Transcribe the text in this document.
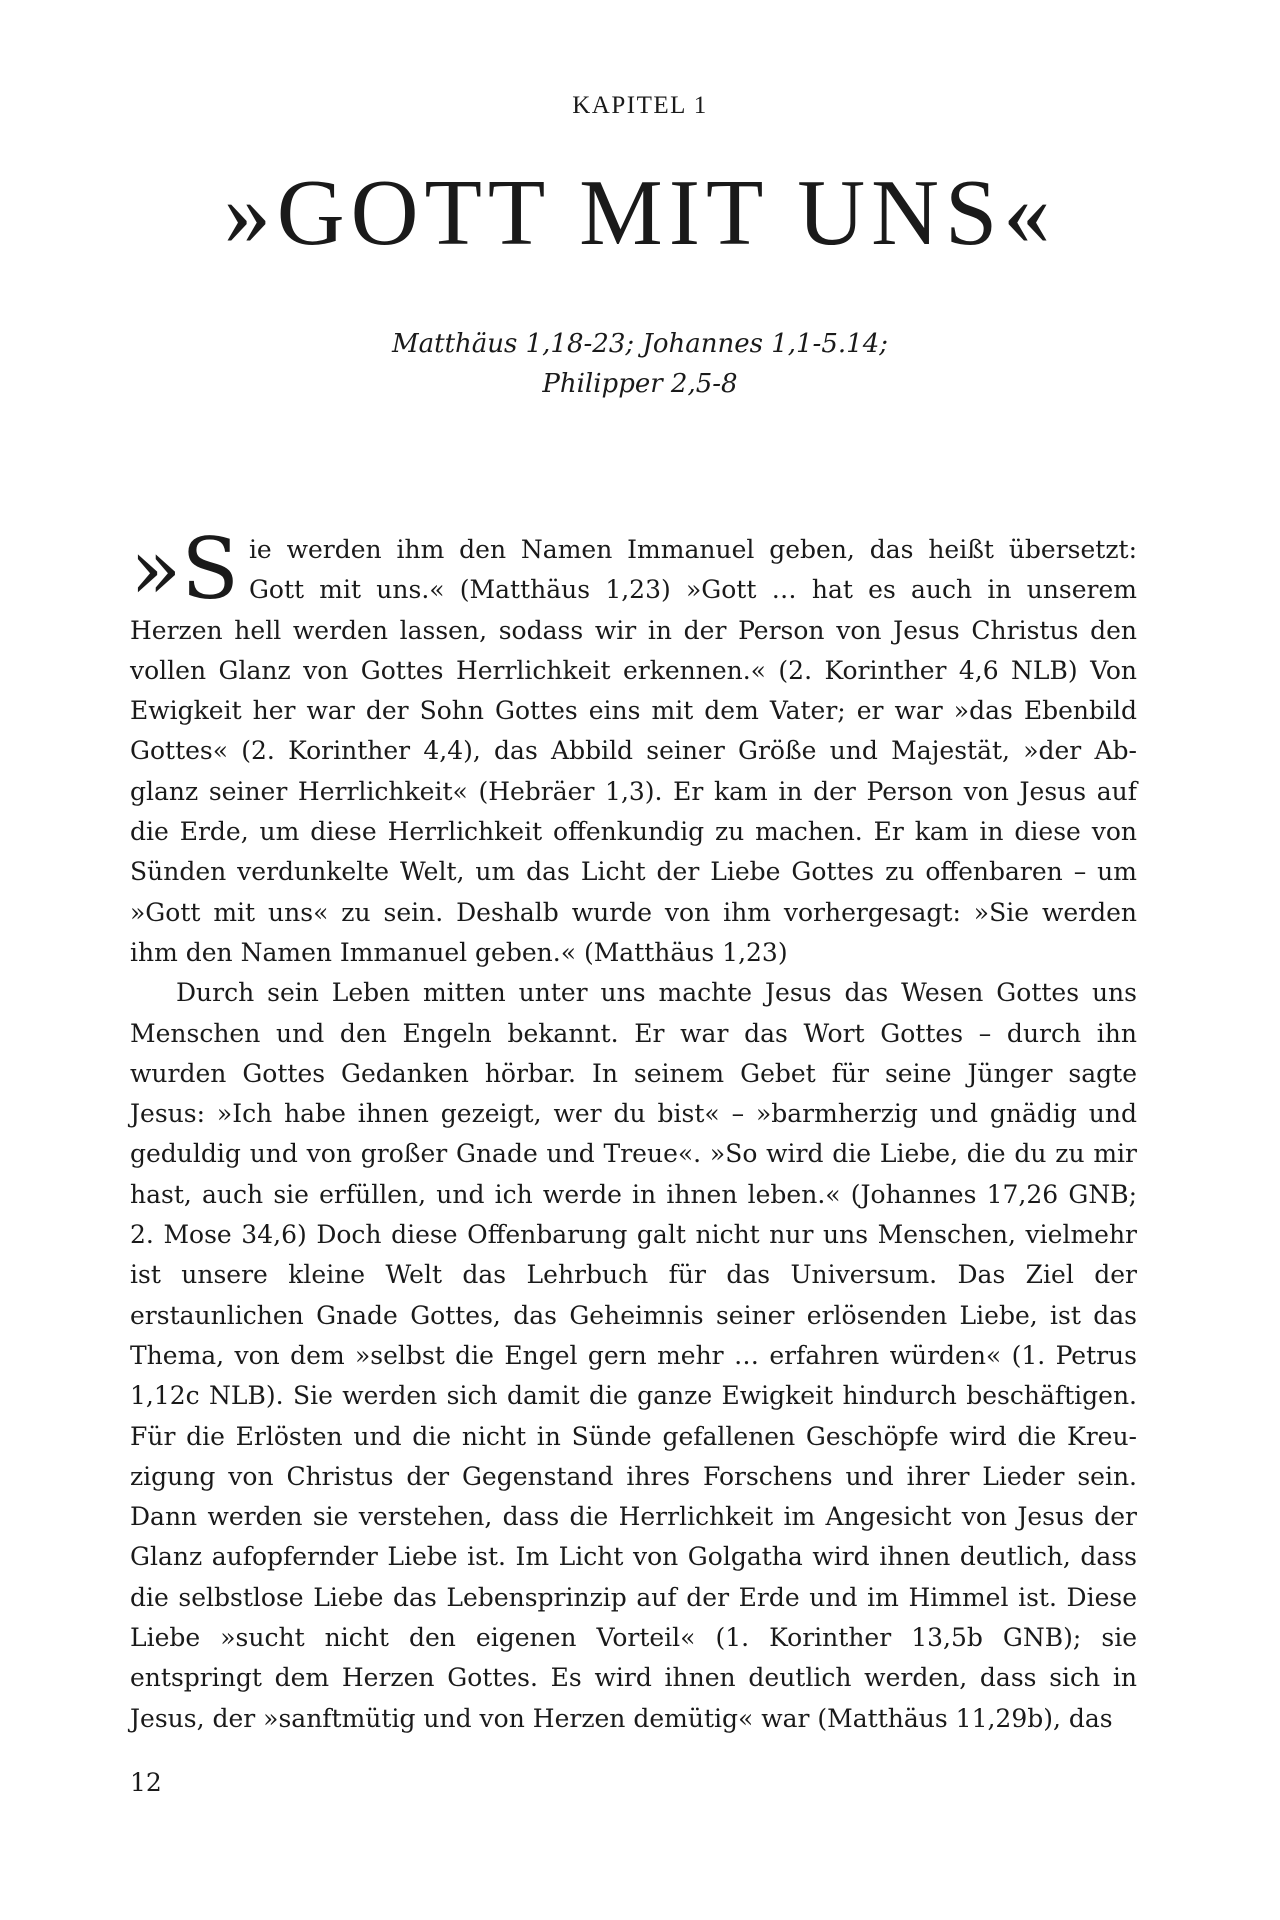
KAPITEL 1
»GOTT MIT UNS«
Matthäus 1,18-23; Johannes 1,1-5.14;
Philipper 2,5-8

»S ie werden ihm den Namen Immanuel geben, das heißt übersetzt: Gott mit uns.« (Matthäus 1,23) »Gott … hat es auch in unserem Herzen hell werden lassen, sodass wir in der Person von Jesus Christus den vollen Glanz von Gottes Herrlichkeit erkennen.« (2. Korinther 4,6 NLB) Von Ewigkeit her war der Sohn Gottes eins mit dem Vater; er war »das Ebenbild Gottes« (2. Korinther 4,4), das Abbild seiner Größe und Majestät, »der Abglanz seiner Herrlichkeit« (Hebräer 1,3). Er kam in der Person von Jesus auf die Erde, um diese Herrlichkeit offenkundig zu machen. Er kam in diese von Sünden verdunkelte Welt, um das Licht der Liebe Gottes zu offenbaren – um »Gott mit uns« zu sein. Deshalb wurde von ihm vorhergesagt: »Sie werden ihm den Namen Immanuel geben.« (Matthäus 1,23)

Durch sein Leben mitten unter uns machte Jesus das Wesen Gottes uns Menschen und den Engeln bekannt. Er war das Wort Gottes – durch ihn wurden Gottes Gedanken hörbar. In seinem Gebet für seine Jünger sagte Jesus: »Ich habe ihnen gezeigt, wer du bist« – »barmherzig und gnädig und geduldig und von großer Gnade und Treue«. »So wird die Liebe, die du zu mir hast, auch sie erfüllen, und ich werde in ihnen leben.« (Johannes 17,26 GNB; 2. Mose 34,6) Doch diese Offenbarung galt nicht nur uns Menschen, vielmehr ist unsere kleine Welt das Lehrbuch für das Universum. Das Ziel der erstaunlichen Gnade Gottes, das Geheimnis seiner erlösenden Liebe, ist das Thema, von dem »selbst die Engel gern mehr … erfahren würden« (1. Petrus 1,12c NLB). Sie werden sich damit die ganze Ewigkeit hindurch beschäftigen. Für die Erlösten und die nicht in Sünde gefallenen Geschöpfe wird die Kreuzigung von Christus der Gegenstand ihres Forschens und ihrer Lieder sein. Dann werden sie verstehen, dass die Herrlichkeit im Angesicht von Jesus der Glanz aufopfernder Liebe ist. Im Licht von Golgatha wird ihnen deutlich, dass die selbstlose Liebe das Lebensprinzip auf der Erde und im Himmel ist. Diese Liebe »sucht nicht den eigenen Vorteil« (1. Korinther 13,5b GNB); sie entspringt dem Herzen Gottes. Es wird ihnen deutlich werden, dass sich in Jesus, der »sanftmütig und von Herzen demütig« war (Matthäus 11,29b), das

12
